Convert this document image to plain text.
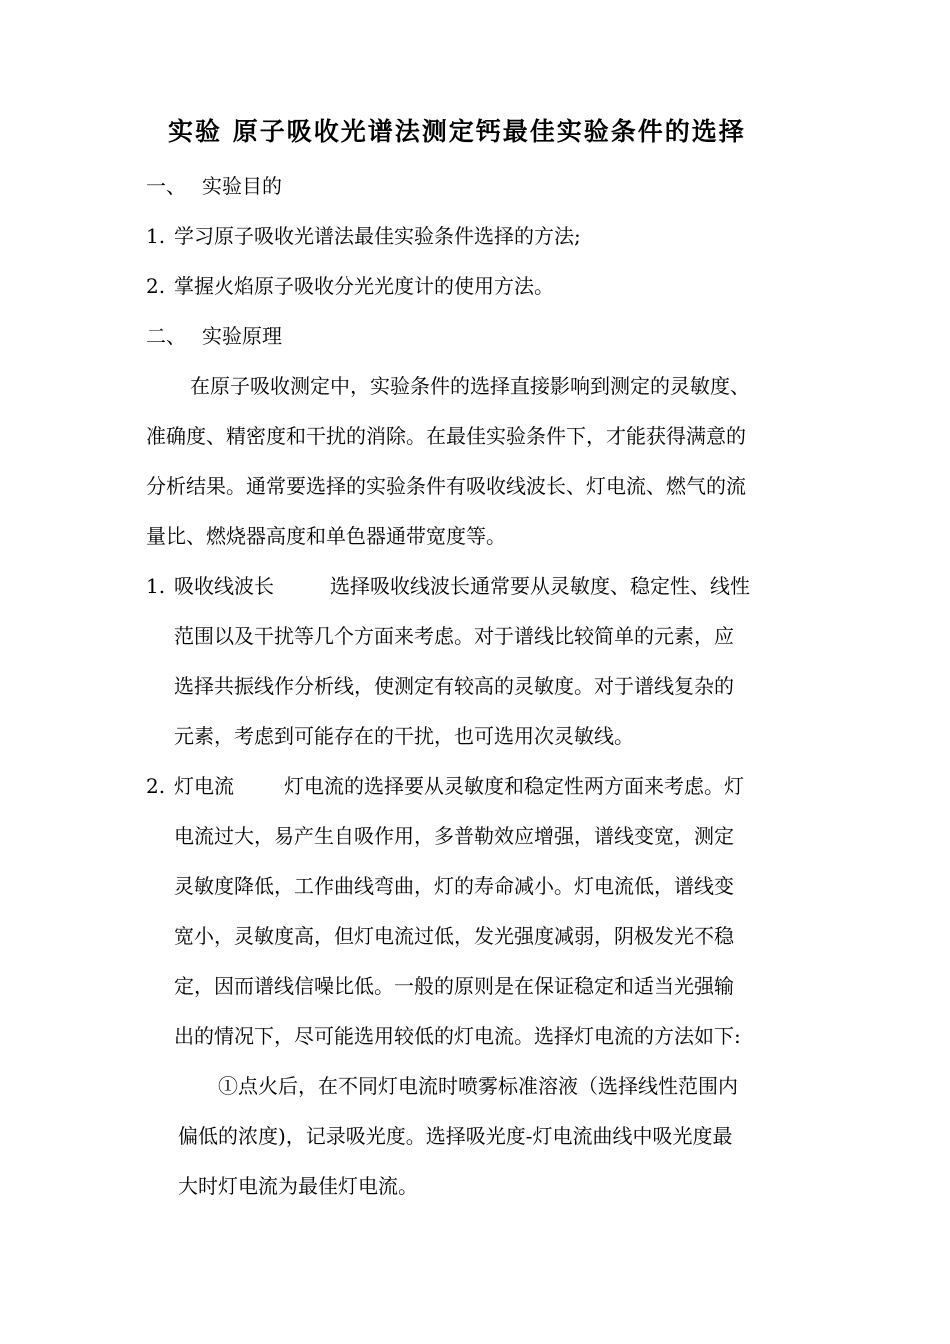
实验 原子吸收光谱法测定钙最佳实验条件的选择
一、 实验目的
1. 学习原子吸收光谱法最佳实验条件选择的方法;
2. 掌握火焰原子吸收分光光度计的使用方法。
二、 实验原理
在原子吸收测定中，实验条件的选择直接影响到测定的灵敏度、
准确度、精密度和干扰的消除。在最佳实验条件下，才能获得满意的
分析结果。通常要选择的实验条件有吸收线波长、灯电流、燃气的流
量比、燃烧器高度和单色器通带宽度等。
1. 吸收线波长	选择吸收线波长通常要从灵敏度、稳定性、线性
范围以及干扰等几个方面来考虑。对于谱线比较简单的元素，应
选择共振线作分析线，使测定有较高的灵敏度。对于谱线复杂的
元素，考虑到可能存在的干扰，也可选用次灵敏线。
2. 灯电流	灯电流的选择要从灵敏度和稳定性两方面来考虑。灯
电流过大，易产生自吸作用，多普勒效应增强，谱线变宽，测定
灵敏度降低，工作曲线弯曲，灯的寿命减小。灯电流低，谱线变
宽小，灵敏度高，但灯电流过低，发光强度减弱，阴极发光不稳
定，因而谱线信噪比低。一般的原则是在保证稳定和适当光强输
出的情况下，尽可能选用较低的灯电流。选择灯电流的方法如下:
①点火后，在不同灯电流时喷雾标准溶液（选择线性范围内
偏低的浓度)，记录吸光度。选择吸光度-灯电流曲线中吸光度最
大时灯电流为最佳灯电流。
